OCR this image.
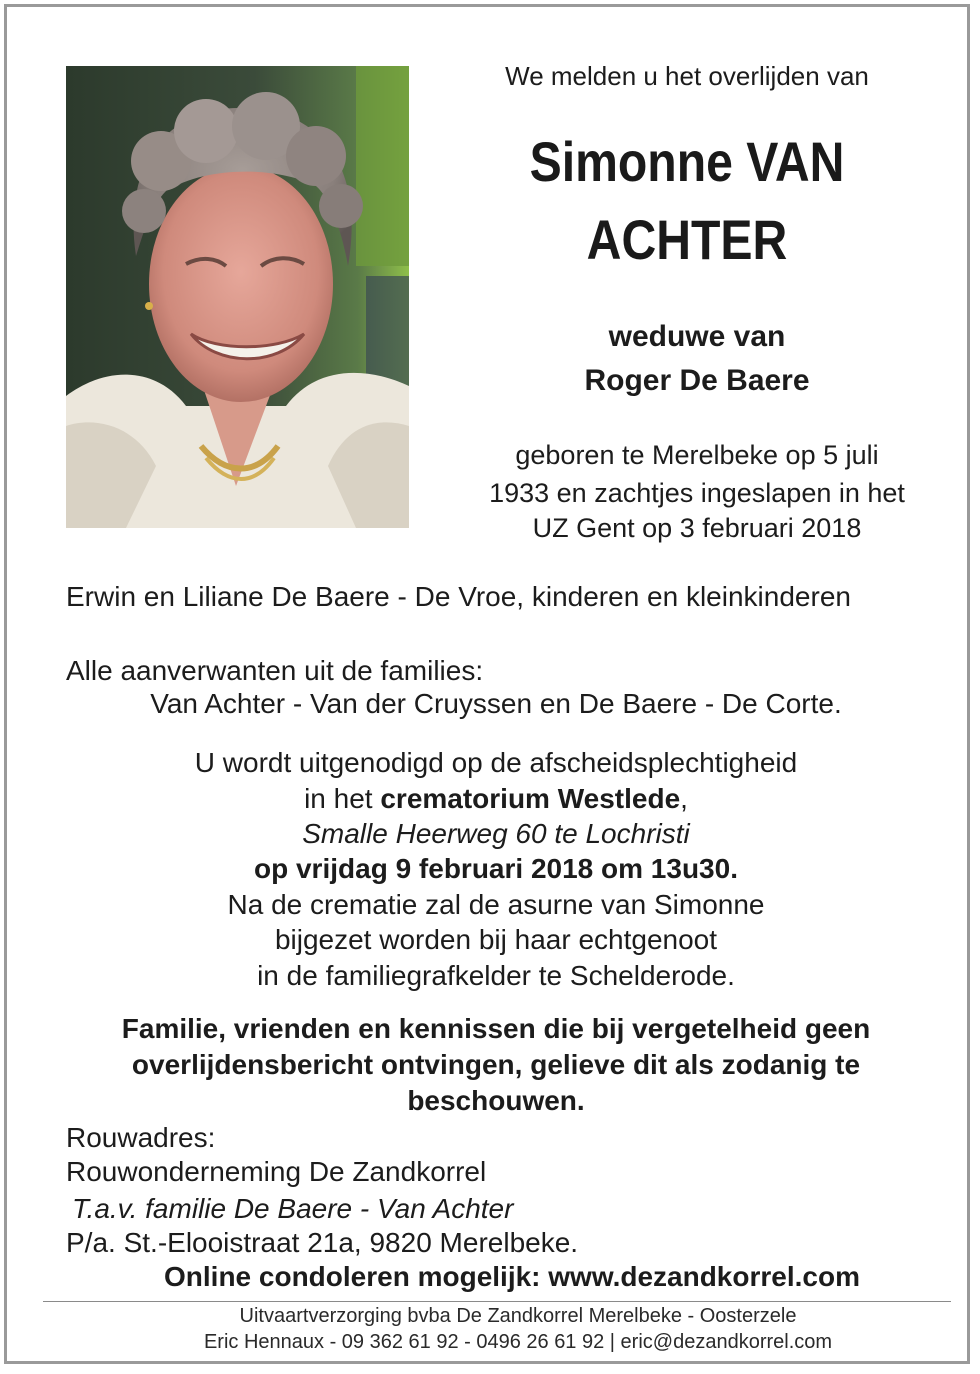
We melden u het overlijden van
Simonne VAN
ACHTER
weduwe van
Roger De Baere
geboren te Merelbeke op 5 juli
1933 en zachtjes ingeslapen in het
UZ Gent op 3 februari 2018
Erwin en Liliane De Baere - De Vroe, kinderen en kleinkinderen
Alle aanverwanten uit de families:
Van Achter - Van der Cruyssen en De Baere - De Corte.
U wordt uitgenodigd op de afscheidsplechtigheid
in het crematorium Westlede,
Smalle Heerweg 60 te Lochristi
op vrijdag 9 februari 2018 om 13u30.
Na de crematie zal de asurne van Simonne
bijgezet worden bij haar echtgenoot
in de familiegrafkelder te Schelderode.
Familie, vrienden en kennissen die bij vergetelheid geen
overlijdensbericht ontvingen, gelieve dit als zodanig te
beschouwen.
Rouwadres:
Rouwonderneming De Zandkorrel
T.a.v. familie De Baere - Van Achter
P/a. St.-Elooistraat 21a, 9820 Merelbeke.
Online condoleren mogelijk: www.dezandkorrel.com
Uitvaartverzorging bvba De Zandkorrel Merelbeke - Oosterzele
Eric Hennaux - 09 362 61 92 - 0496 26 61 92 | eric@dezandkorrel.com
